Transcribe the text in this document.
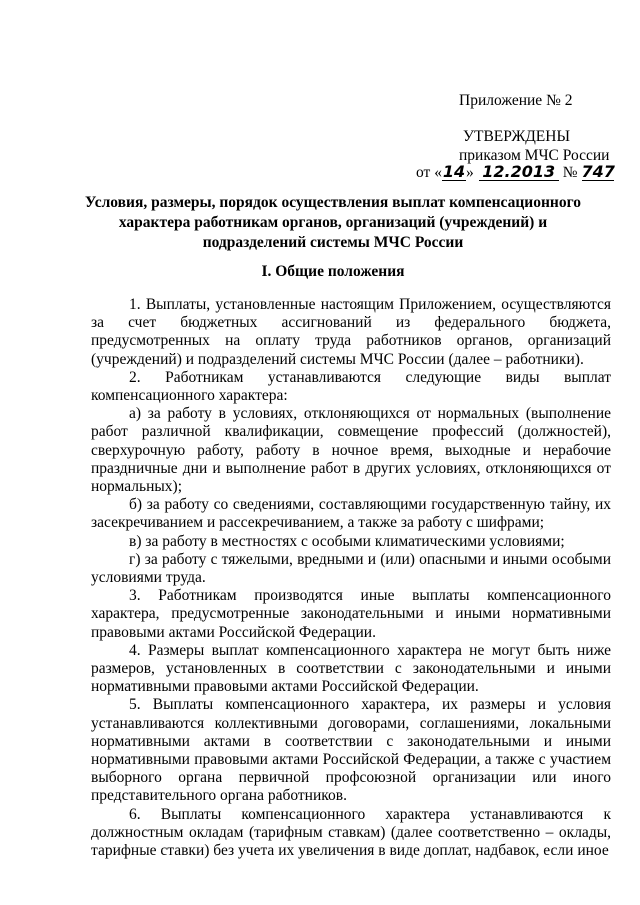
Приложение № 2
УТВЕРЖДЕНЫ
приказом МЧС России
от « 14 » 12.2013 № 747
Условия, размеры, порядок осуществления выплат компенсационного характера работникам органов, организаций (учреждений) и подразделений системы МЧС России
I. Общие положения

1. Выплаты, установленные настоящим Приложением, осуществляются за счет бюджетных ассигнований из федерального бюджета, предусмотренных на оплату труда работников органов, организаций (учреждений) и подразделений системы МЧС России (далее – работники).

2. Работникам устанавливаются следующие виды выплат компенсационного характера:

а) за работу в условиях, отклоняющихся от нормальных (выполнение работ различной квалификации, совмещение профессий (должностей), сверхурочную работу, работу в ночное время, выходные и нерабочие праздничные дни и выполнение работ в других условиях, отклоняющихся от нормальных);

б) за работу со сведениями, составляющими государственную тайну, их засекречиванием и рассекречиванием, а также за работу с шифрами;

в) за работу в местностях с особыми климатическими условиями;

г) за работу с тяжелыми, вредными и (или) опасными и иными особыми условиями труда.

3. Работникам производятся иные выплаты компенсационного характера, предусмотренные законодательными и иными нормативными правовыми актами Российской Федерации.

4. Размеры выплат компенсационного характера не могут быть ниже размеров, установленных в соответствии с законодательными и иными нормативными правовыми актами Российской Федерации.

5. Выплаты компенсационного характера, их размеры и условия устанавливаются коллективными договорами, соглашениями, локальными нормативными актами в соответствии с законодательными и иными нормативными правовыми актами Российской Федерации, а также с участием выборного органа первичной профсоюзной организации или иного представительного органа работников.

6. Выплаты компенсационного характера устанавливаются к должностным окладам (тарифным ставкам) (далее соответственно – оклады, тарифные ставки) без учета их увеличения в виде доплат, надбавок, если иное
